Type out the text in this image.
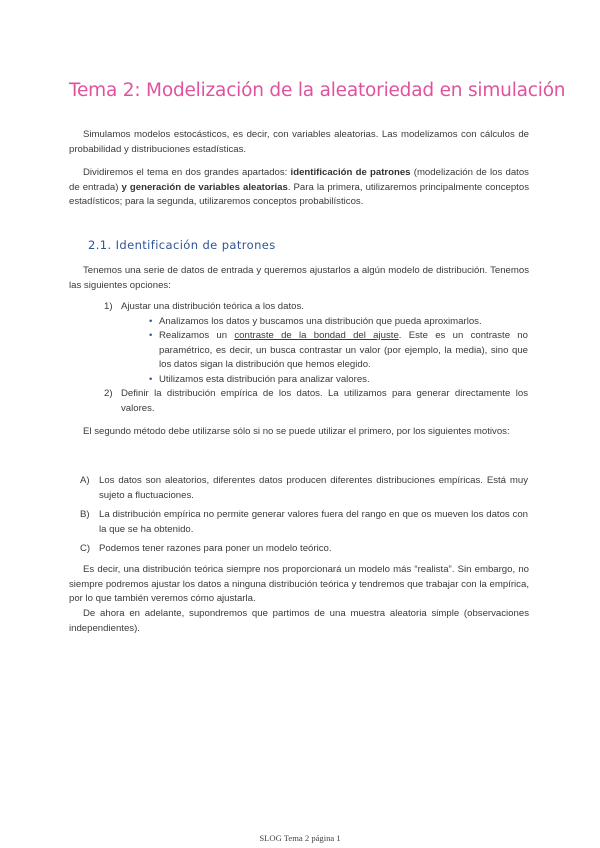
Tema 2: Modelización de la aleatoriedad en simulación

Simulamos modelos estocásticos, es decir, con variables aleatorias. Las modelizamos con cálculos de probabilidad y distribuciones estadísticas.

Dividiremos el tema en dos grandes apartados: identificación de patrones (modelización de los datos de entrada) y generación de variables aleatorias. Para la primera, utilizaremos principalmente conceptos estadísticos; para la segunda, utilizaremos conceptos probabilísticos.

2.1. Identificación de patrones

Tenemos una serie de datos de entrada y queremos ajustarlos a algún modelo de distribución. Tenemos las siguientes opciones:

1) Ajustar una distribución teórica a los datos.
• Analizamos los datos y buscamos una distribución que pueda aproximarlos.
• Realizamos un contraste de la bondad del ajuste. Este es un contraste no paramétrico, es decir, un busca contrastar un valor (por ejemplo, la media), sino que los datos sigan la distribución que hemos elegido.
• Utilizamos esta distribución para analizar valores.
2) Definir la distribución empírica de los datos. La utilizamos para generar directamente los valores.

El segundo método debe utilizarse sólo si no se puede utilizar el primero, por los siguientes motivos:

A) Los datos son aleatorios, diferentes datos producen diferentes distribuciones empíricas. Está muy sujeto a fluctuaciones.
B) La distribución empírica no permite generar valores fuera del rango en que os mueven los datos con la que se ha obtenido.
C) Podemos tener razones para poner un modelo teórico.

Es decir, una distribución teórica siempre nos proporcionará un modelo más “realista”. Sin embargo, no siempre podremos ajustar los datos a ninguna distribución teórica y tendremos que trabajar con la empírica, por lo que también veremos cómo ajustarla.

De ahora en adelante, supondremos que partimos de una muestra aleatoria simple (observaciones independientes).

SLOG Tema 2 página 1
